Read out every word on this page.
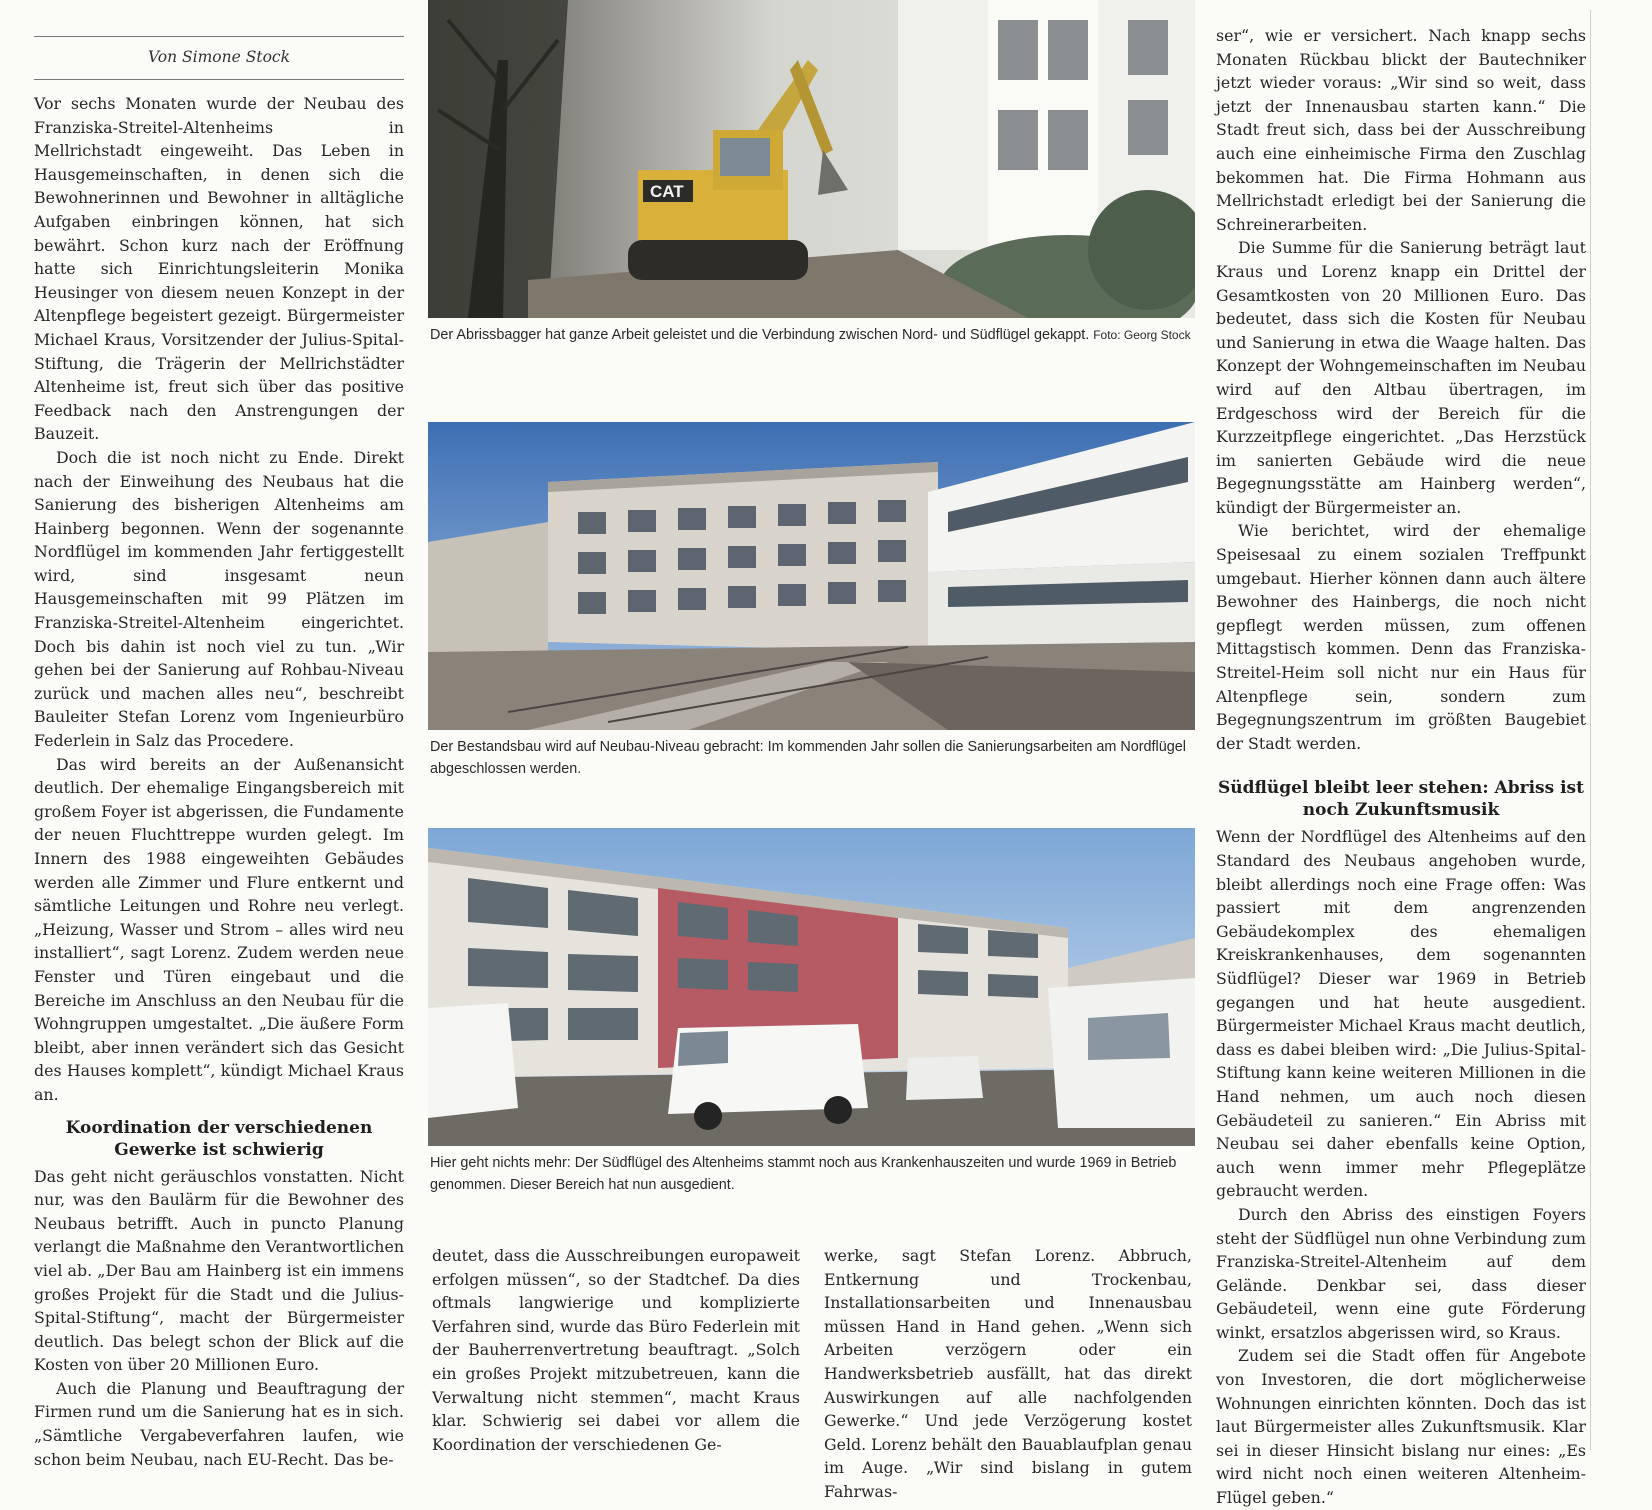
Von Simone Stock

Vor sechs Monaten wurde der Neubau des Franziska-Streitel-Altenheims in Mellrichstadt eingeweiht. Das Leben in Hausgemeinschaften, in denen sich die Bewohnerinnen und Bewohner in alltägliche Aufgaben einbringen können, hat sich bewährt. Schon kurz nach der Eröffnung hatte sich Einrichtungsleiterin Monika Heusinger von diesem neuen Konzept in der Altenpflege begeistert gezeigt. Bürgermeister Michael Kraus, Vorsitzender der Julius-Spital-Stiftung, die Trägerin der Mellrichstädter Altenheime ist, freut sich über das positive Feedback nach den Anstrengungen der Bauzeit.

Doch die ist noch nicht zu Ende. Direkt nach der Einweihung des Neubaus hat die Sanierung des bisherigen Altenheims am Hainberg begonnen. Wenn der sogenannte Nordflügel im kommenden Jahr fertiggestellt wird, sind insgesamt neun Hausgemeinschaften mit 99 Plätzen im Franziska-Streitel-Altenheim eingerichtet. Doch bis dahin ist noch viel zu tun. „Wir gehen bei der Sanierung auf Rohbau-Niveau zurück und machen alles neu“, beschreibt Bauleiter Stefan Lorenz vom Ingenieurbüro Federlein in Salz das Procedere.

Das wird bereits an der Außenansicht deutlich. Der ehemalige Eingangsbereich mit großem Foyer ist abgerissen, die Fundamente der neuen Fluchttreppe wurden gelegt. Im Innern des 1988 eingeweihten Gebäudes werden alle Zimmer und Flure entkernt und sämtliche Leitungen und Rohre neu verlegt. „Heizung, Wasser und Strom – alles wird neu installiert“, sagt Lorenz. Zudem werden neue Fenster und Türen eingebaut und die Bereiche im Anschluss an den Neubau für die Wohngruppen umgestaltet. „Die äußere Form bleibt, aber innen verändert sich das Gesicht des Hauses komplett“, kündigt Michael Kraus an.

Koordination der verschiedenen Gewerke ist schwierig

Das geht nicht geräuschlos vonstatten. Nicht nur, was den Baulärm für die Bewohner des Neubaus betrifft. Auch in puncto Planung verlangt die Maßnahme den Verantwortlichen viel ab. „Der Bau am Hainberg ist ein immens großes Projekt für die Stadt und die Julius-Spital-Stiftung“, macht der Bürgermeister deutlich. Das belegt schon der Blick auf die Kosten von über 20 Millionen Euro.

Auch die Planung und Beauftragung der Firmen rund um die Sanierung hat es in sich. „Sämtliche Vergabeverfahren laufen, wie schon beim Neubau, nach EU-Recht. Das be-

CAT
Der Abrissbagger hat ganze Arbeit geleistet und die Verbindung zwischen Nord- und Südflügel gekappt. Foto: Georg Stock
Der Bestandsbau wird auf Neubau-Niveau gebracht: Im kommenden Jahr sollen die Sanierungsarbeiten am Nordflügel abgeschlossen werden.
Hier geht nichts mehr: Der Südflügel des Altenheims stammt noch aus Krankenhauszeiten und wurde 1969 in Betrieb genommen. Dieser Bereich hat nun ausgedient.

deutet, dass die Ausschreibungen europaweit erfolgen müssen“, so der Stadtchef. Da dies oftmals langwierige und komplizierte Verfahren sind, wurde das Büro Federlein mit der Bauherrenvertretung beauftragt. „Solch ein großes Projekt mitzubetreuen, kann die Verwaltung nicht stemmen“, macht Kraus klar. Schwierig sei dabei vor allem die Koordination der verschiedenen Ge-

werke, sagt Stefan Lorenz. Abbruch, Entkernung und Trockenbau, Installationsarbeiten und Innenausbau müssen Hand in Hand gehen. „Wenn sich Arbeiten verzögern oder ein Handwerksbetrieb ausfällt, hat das direkt Auswirkungen auf alle nachfolgenden Gewerke.“ Und jede Verzögerung kostet Geld. Lorenz behält den Bauablaufplan genau im Auge. „Wir sind bislang in gutem Fahrwas-

ser“, wie er versichert. Nach knapp sechs Monaten Rückbau blickt der Bautechniker jetzt wieder voraus: „Wir sind so weit, dass jetzt der Innenausbau starten kann.“ Die Stadt freut sich, dass bei der Ausschreibung auch eine einheimische Firma den Zuschlag bekommen hat. Die Firma Hohmann aus Mellrichstadt erledigt bei der Sanierung die Schreinerarbeiten.

Die Summe für die Sanierung beträgt laut Kraus und Lorenz knapp ein Drittel der Gesamtkosten von 20 Millionen Euro. Das bedeutet, dass sich die Kosten für Neubau und Sanierung in etwa die Waage halten. Das Konzept der Wohngemeinschaften im Neubau wird auf den Altbau übertragen, im Erdgeschoss wird der Bereich für die Kurzzeitpflege eingerichtet. „Das Herzstück im sanierten Gebäude wird die neue Begegnungsstätte am Hainberg werden“, kündigt der Bürgermeister an.

Wie berichtet, wird der ehemalige Speisesaal zu einem sozialen Treffpunkt umgebaut. Hierher können dann auch ältere Bewohner des Hainbergs, die noch nicht gepflegt werden müssen, zum offenen Mittagstisch kommen. Denn das Franziska-Streitel-Heim soll nicht nur ein Haus für Altenpflege sein, sondern zum Begegnungszentrum im größten Baugebiet der Stadt werden.

Südflügel bleibt leer stehen: Abriss ist noch Zukunftsmusik

Wenn der Nordflügel des Altenheims auf den Standard des Neubaus angehoben wurde, bleibt allerdings noch eine Frage offen: Was passiert mit dem angrenzenden Gebäudekomplex des ehemaligen Kreiskrankenhauses, dem sogenannten Südflügel? Dieser war 1969 in Betrieb gegangen und hat heute ausgedient. Bürgermeister Michael Kraus macht deutlich, dass es dabei bleiben wird: „Die Julius-Spital-Stiftung kann keine weiteren Millionen in die Hand nehmen, um auch noch diesen Gebäudeteil zu sanieren.“ Ein Abriss mit Neubau sei daher ebenfalls keine Option, auch wenn immer mehr Pflegeplätze gebraucht werden.

Durch den Abriss des einstigen Foyers steht der Südflügel nun ohne Verbindung zum Franziska-Streitel-Altenheim auf dem Gelände. Denkbar sei, dass dieser Gebäudeteil, wenn eine gute Förderung winkt, ersatzlos abgerissen wird, so Kraus.

Zudem sei die Stadt offen für Angebote von Investoren, die dort möglicherweise Wohnungen einrichten könnten. Doch das ist laut Bürgermeister alles Zukunftsmusik. Klar sei in dieser Hinsicht bislang nur eines: „Es wird nicht noch einen weiteren Altenheim-Flügel geben.“
